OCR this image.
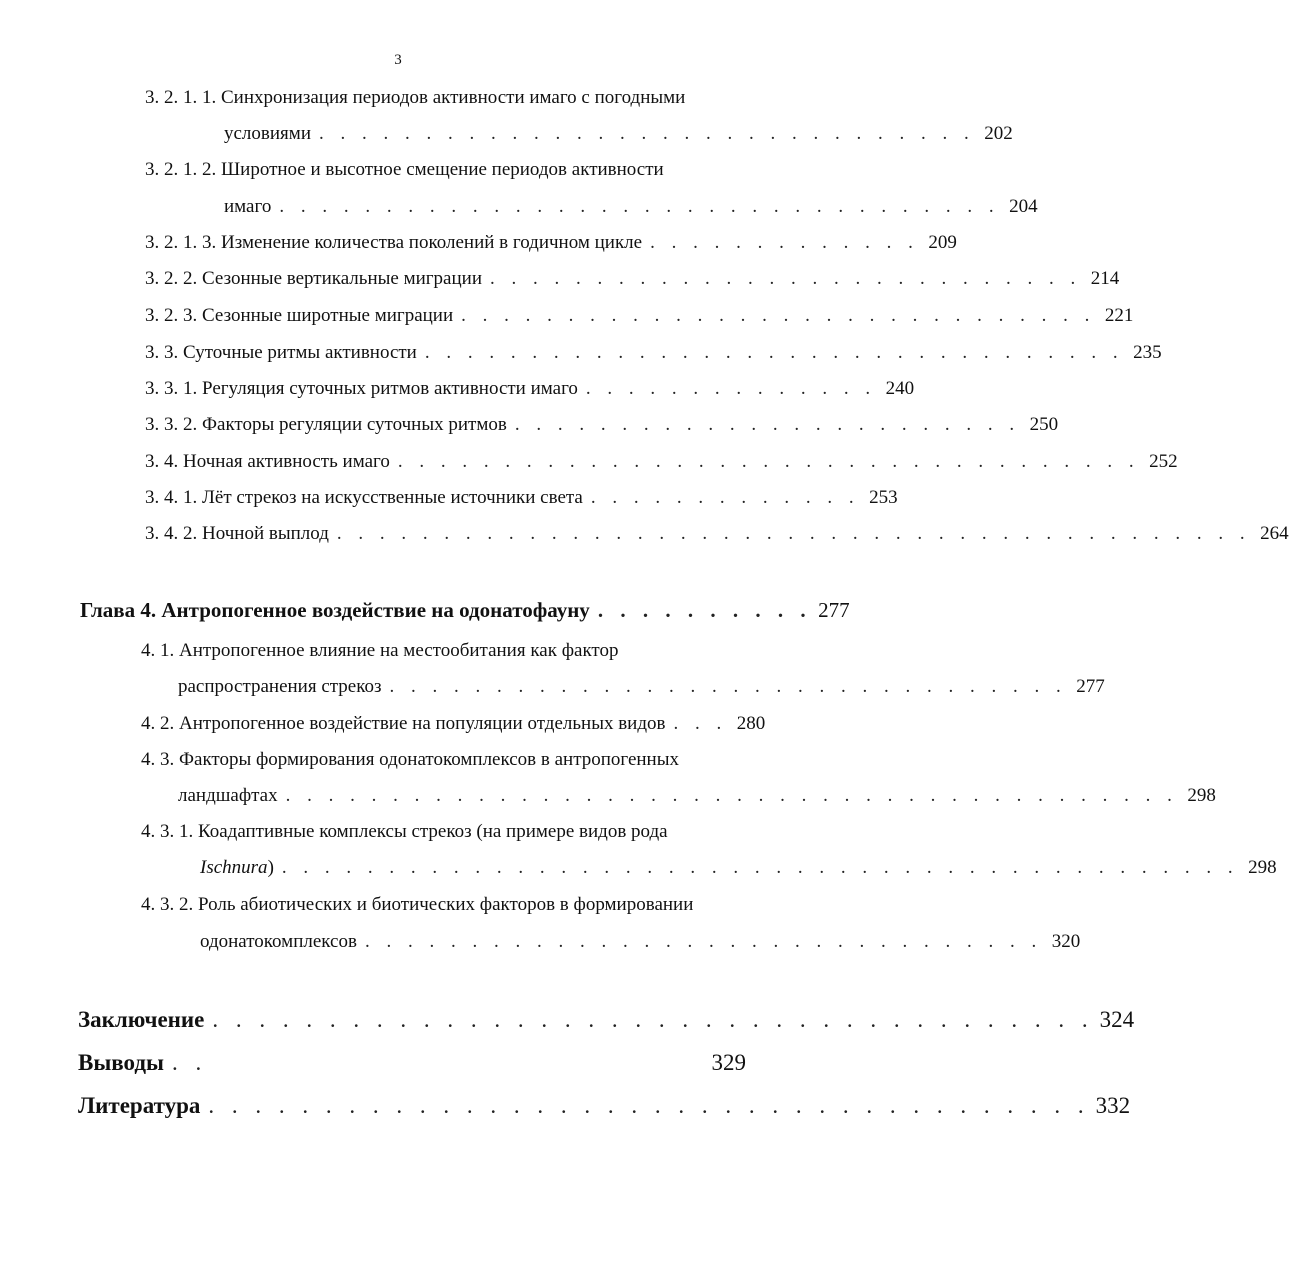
3
3. 2. 1. 1. Синхронизация периодов активности имаго с погодными
условиями . . . . . . . . . . . . . . . . . . . . . . . . . . . . . . . 202
3. 2. 1. 2. Широтное и высотное смещение периодов активности
имаго . . . . . . . . . . . . . . . . . . . . . . . . . . . . . . . . . . 204
3. 2. 1. 3. Изменение количества поколений в годичном цикле . . . . . . . . . . . . . 209
3. 2. 2. Сезонные вертикальные миграции . . . . . . . . . . . . . . . . . . . . . . . . . . . . 214
3. 2. 3. Сезонные широтные миграции . . . . . . . . . . . . . . . . . . . . . . . . . . . . . . 221
3. 3. Суточные ритмы активности . . . . . . . . . . . . . . . . . . . . . . . . . . . . . . . . . 235
3. 3. 1. Регуляция суточных ритмов активности имаго . . . . . . . . . . . . . . 240
3. 3. 2. Факторы регуляции суточных ритмов . . . . . . . . . . . . . . . . . . . . . . . . 250
3. 4. Ночная активность имаго . . . . . . . . . . . . . . . . . . . . . . . . . . . . . . . . . . . 252
3. 4. 1. Лёт стрекоз на искусственные источники света . . . . . . . . . . . . . 253
3. 4. 2. Ночной выплод . . . . . . . . . . . . . . . . . . . . . . . . . . . . . . . . . . . . . . . . . . . 264
Глава 4. Антропогенное воздействие на одонатофауну . . . . . . . . . . 277
4. 1. Антропогенное влияние на местообитания как фактор
распространения стрекоз . . . . . . . . . . . . . . . . . . . . . . . . . . . . . . . . 277
4. 2. Антропогенное воздействие на популяции отдельных видов . . . 280
4. 3. Факторы формирования одонатокомплексов в антропогенных
ландшафтах . . . . . . . . . . . . . . . . . . . . . . . . . . . . . . . . . . . . . . . . . . 298
4. 3. 1. Коадаптивные комплексы стрекоз (на примере видов рода
Ischnura) . . . . . . . . . . . . . . . . . . . . . . . . . . . . . . . . . . . . . . . . . . . . . 298
4. 3. 2. Роль абиотических и биотических факторов в формировании
одонатокомплексов . . . . . . . . . . . . . . . . . . . . . . . . . . . . . . . . 320
Заключение . . . . . . . . . . . . . . . . . . . . . . . . . . . . . . . . . . . . . . 324
Выводы . .	329
Литература . . . . . . . . . . . . . . . . . . . . . . . . . . . . . . . . . . . . . . 332
